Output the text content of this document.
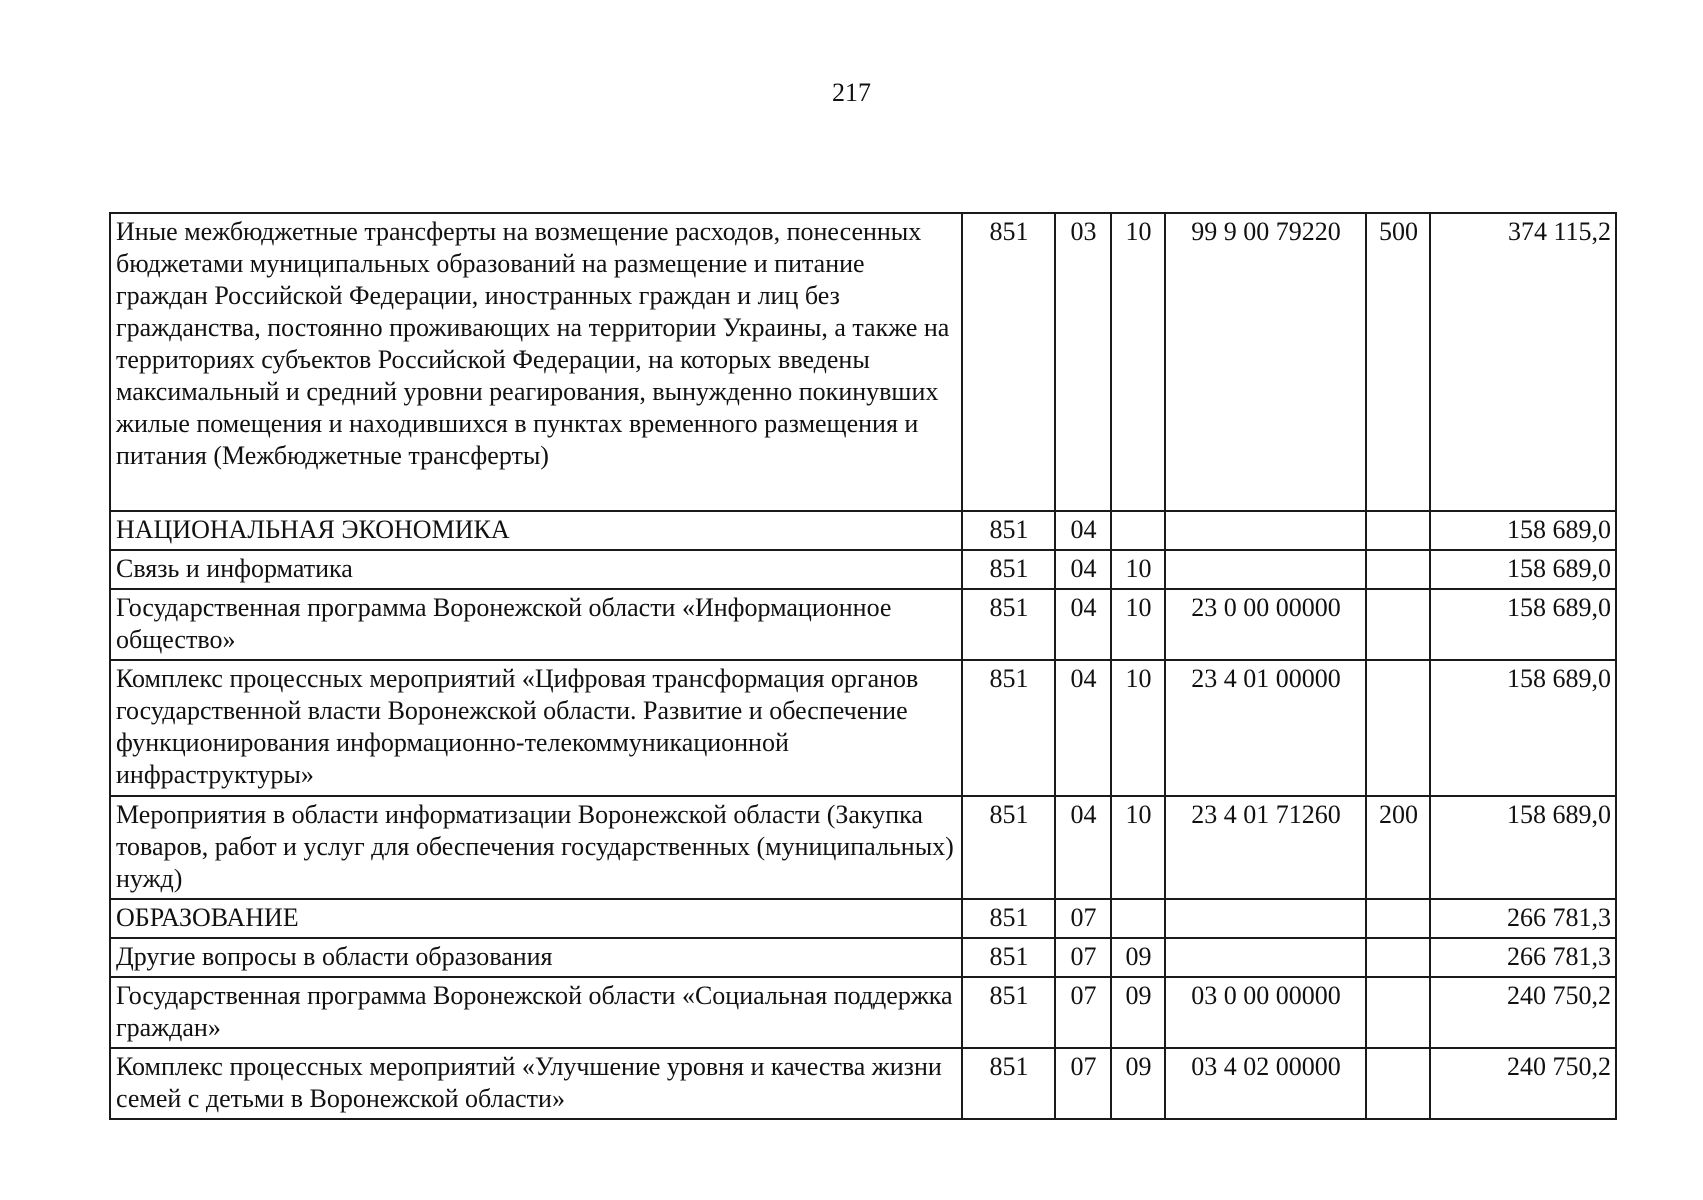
217
Иные межбюджетные трансферты на возмещение расходов, понесенных бюджетами муниципальных образований на размещение и питание граждан Российской Федерации, иностранных граждан и лиц без гражданства, постоянно проживающих на территории Украины, а также на территориях субъектов Российской Федерации, на которых введены максимальный и средний уровни реагирования, вынужденно покинувших жилые помещения и находившихся в пунктах временного размещения и питания (Межбюджетные трансферты)	851	03	10	99 9 00 79220	500	374 115,2
НАЦИОНАЛЬНАЯ ЭКОНОМИКА	851	04				158 689,0
Связь и информатика	851	04	10			158 689,0
Государственная программа Воронежской области «Информационное общество»	851	04	10	23 0 00 00000		158 689,0
Комплекс процессных мероприятий «Цифровая трансформация органов государственной власти Воронежской области. Развитие и обеспечение функционирования информационно-телекоммуникационной инфраструктуры»	851	04	10	23 4 01 00000		158 689,0
Мероприятия в области информатизации Воронежской области (Закупка товаров, работ и услуг для обеспечения государственных (муниципальных) нужд)	851	04	10	23 4 01 71260	200	158 689,0
ОБРАЗОВАНИЕ	851	07				266 781,3
Другие вопросы в области образования	851	07	09			266 781,3
Государственная программа Воронежской области «Социальная поддержка граждан»	851	07	09	03 0 00 00000		240 750,2
Комплекс процессных мероприятий «Улучшение уровня и качества жизни семей с детьми в Воронежской области»	851	07	09	03 4 02 00000		240 750,2
